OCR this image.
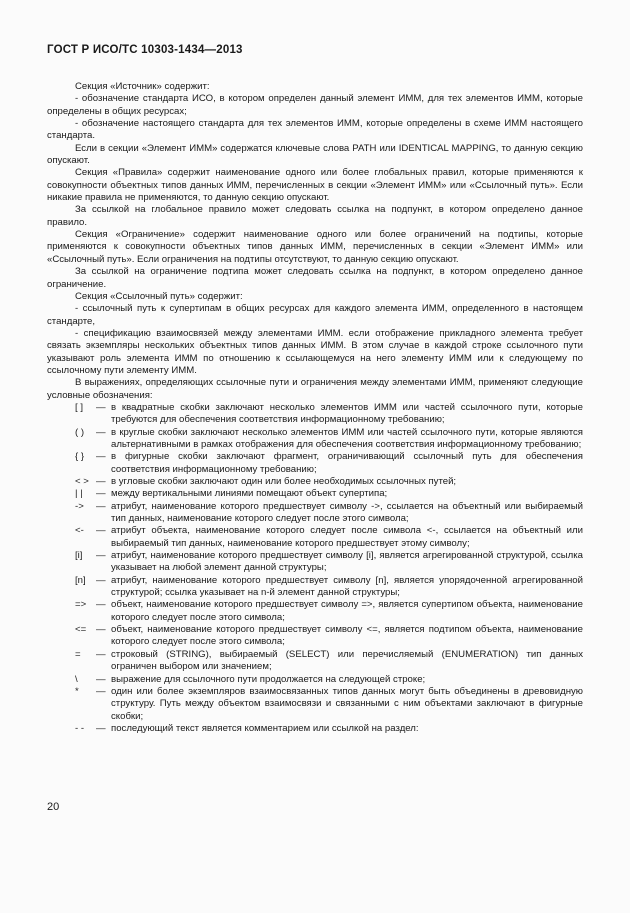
ГОСТ Р ИСО/ТС 10303-1434—2013

Секция «Источник» содержит:

- обозначение стандарта ИСО, в котором определен данный элемент ИММ, для тех элементов ИММ, которые определены в общих ресурсах;

- обозначение настоящего стандарта для тех элементов ИММ, которые определены в схеме ИММ настоящего стандарта.

Если в секции «Элемент ИММ» содержатся ключевые слова PATH или IDENTICAL MAPPING, то данную секцию опускают.

Секция «Правила» содержит наименование одного или более глобальных правил, которые применяются к совокупности объектных типов данных ИММ, перечисленных в секции «Элемент ИММ» или «Ссылочный путь». Если никакие правила не применяются, то данную секцию опускают.

За ссылкой на глобальное правило может следовать ссылка на подпункт, в котором определено данное правило.

Секция «Ограничение» содержит наименование одного или более ограничений на подтипы, которые применяются к совокупности объектных типов данных ИММ, перечисленных в секции «Элемент ИММ» или «Ссылочный путь». Если ограничения на подтипы отсутствуют, то данную секцию опускают.

За ссылкой на ограничение подтипа может следовать ссылка на подпункт, в котором определено данное ограничение.

Секция «Ссылочный путь» содержит:

- ссылочный путь к супертипам в общих ресурсах для каждого элемента ИММ, определенного в настоящем стандарте,

- спецификацию взаимосвязей между элементами ИММ. если отображение прикладного элемента требует связать экземпляры нескольких объектных типов данных ИММ. В этом случае в каждой строке ссылочного пути указывают роль элемента ИММ по отношению к ссылающемуся на него элементу ИММ или к следующему по ссылочному пути элементу ИММ.

В выражениях, определяющих ссылочные пути и ограничения между элементами ИММ, применяют следующие условные обозначения:

[ ]	— в квадратные скобки заключают несколько элементов ИММ или частей ссылочного пути, которые требуются для обеспечения соответствия информационному требованию;
( )	— в круглые скобки заключают несколько элементов ИММ или частей ссылочного пути, которые являются альтернативными в рамках отображения для обеспечения соответствия информационному требованию;
{ }	— в фигурные скобки заключают фрагмент, ограничивающий ссылочный путь для обеспечения соответствия информационному требованию;
< > — в угловые скобки заключают один или более необходимых ссылочных путей;
| |	— между вертикальными линиями помещают объект супертипа;
->	— атрибут, наименование которого предшествует символу ->, ссылается на объектный или выбираемый тип данных, наименование которого следует после этого символа;
<-	— атрибут объекта, наименование которого следует после символа <-, ссылается на объектный или выбираемый тип данных, наименование которого предшествует этому символу;
[i]	— атрибут, наименование которого предшествует символу [i], является агрегированной структурой, ссылка указывает на любой элемент данной структуры;
[n]	— атрибут, наименование которого предшествует символу [n], является упорядоченной агрегированной структурой; ссылка указывает на n-й элемент данной структуры;
=>	— объект, наименование которого предшествует символу =>, является супертипом объекта, наименование которого следует после этого символа;
<=	— объект, наименование которого предшествует символу <=, является подтипом объекта, наименование которого следует после этого символа;
=	— строковый (STRING), выбираемый (SELECT) или перечисляемый (ENUMERATION) тип данных ограничен выбором или значением;
\	— выражение для ссылочного пути продолжается на следующей строке;
*	— один или более экземпляров взаимосвязанных типов данных могут быть объединены в древовидную структуру. Путь между объектом взаимосвязи и связанными с ним объектами заключают в фигурные скобки;
- -	— последующий текст является комментарием или ссылкой на раздел:
20
